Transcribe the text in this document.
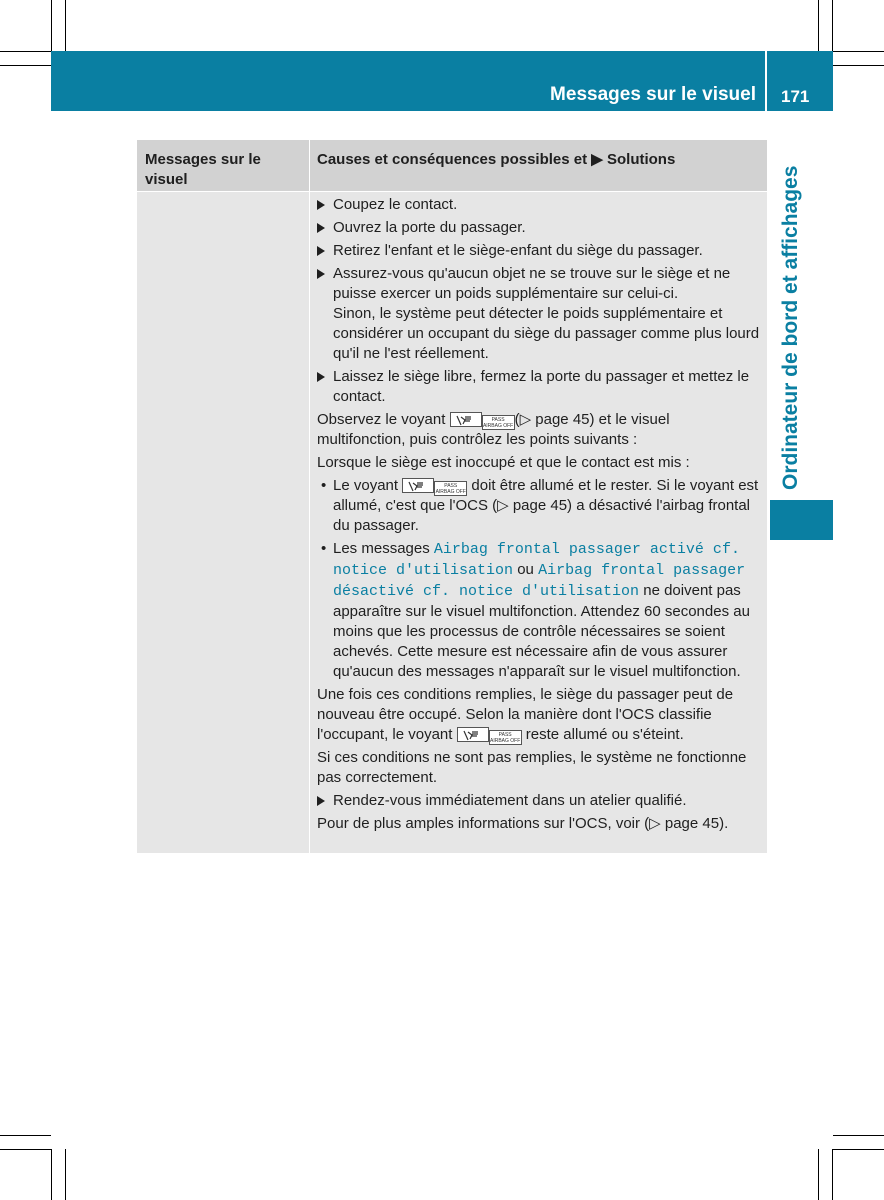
Messages sur le visuel 171
Ordinateur de bord et affichages
Messages sur le visuel
Causes et conséquences possibles et ▶ Solutions
Coupez le contact.
Ouvrez la porte du passager.
Retirez l'enfant et le siège-enfant du siège du passager.
Assurez-vous qu'aucun objet ne se trouve sur le siège et ne puisse exercer un poids supplémentaire sur celui-ci.
Sinon, le système peut détecter le poids supplémentaire et considérer un occupant du siège du passager comme plus lourd qu'il ne l'est réellement.
Laissez le siège libre, fermez la porte du passager et mettez le contact.
Observez le voyant	PASS
AIRBAG OFF(▷ page 45) et le visuel multifonction, puis contrôlez les points suivants :
Lorsque le siège est inoccupé et que le contact est mis :
• Le voyant	PASS
AIRBAG OFF doit être allumé et le rester. Si le voyant est allumé, c'est que l'OCS (▷ page 45) a désactivé l'airbag frontal du passager.
• Les messages Airbag frontal passager activé cf. notice d'utilisation ou Airbag frontal passager désactivé cf. notice d'utilisation ne doivent pas apparaître sur le visuel multifonction. Attendez 60 secondes au moins que les processus de contrôle nécessaires se soient achevés. Cette mesure est nécessaire afin de vous assurer qu'aucun des messages n'apparaît sur le visuel multifonction.
Une fois ces conditions remplies, le siège du passager peut de nouveau être occupé. Selon la manière dont l'OCS classifie l'occupant, le voyant	PASS
AIRBAG OFF reste allumé ou s'éteint.
Si ces conditions ne sont pas remplies, le système ne fonctionne pas correctement.
Rendez-vous immédiatement dans un atelier qualifié.
Pour de plus amples informations sur l'OCS, voir (▷ page 45).
